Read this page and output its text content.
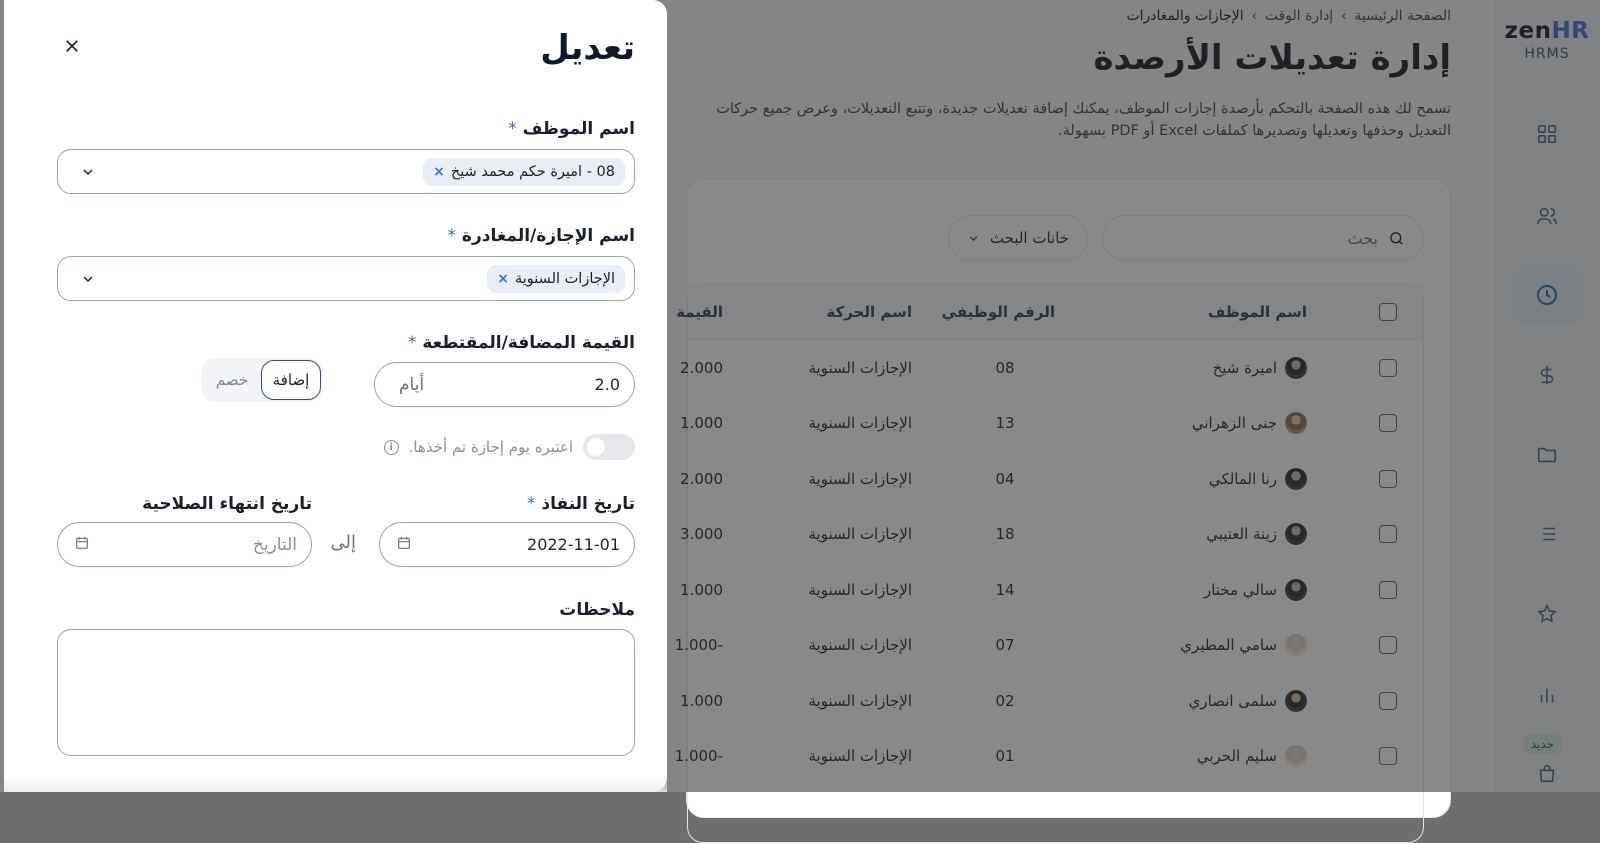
بحث
تعديل
اسم الموظف *
08 - اميرة حكم محمد شيخ
×
اسم الإجازة/المغادرة *
الإجازات السنوية
×
القيمة المضافة/المقتطعة *
2.0
أيام
إضافة
خصم
اعتبره يوم إجازة تم أخذها.
i
تاريخ النفاذ *
2022-11-01
إلى
تاريخ انتهاء الصلاحية
التاريخ
ملاحظات
